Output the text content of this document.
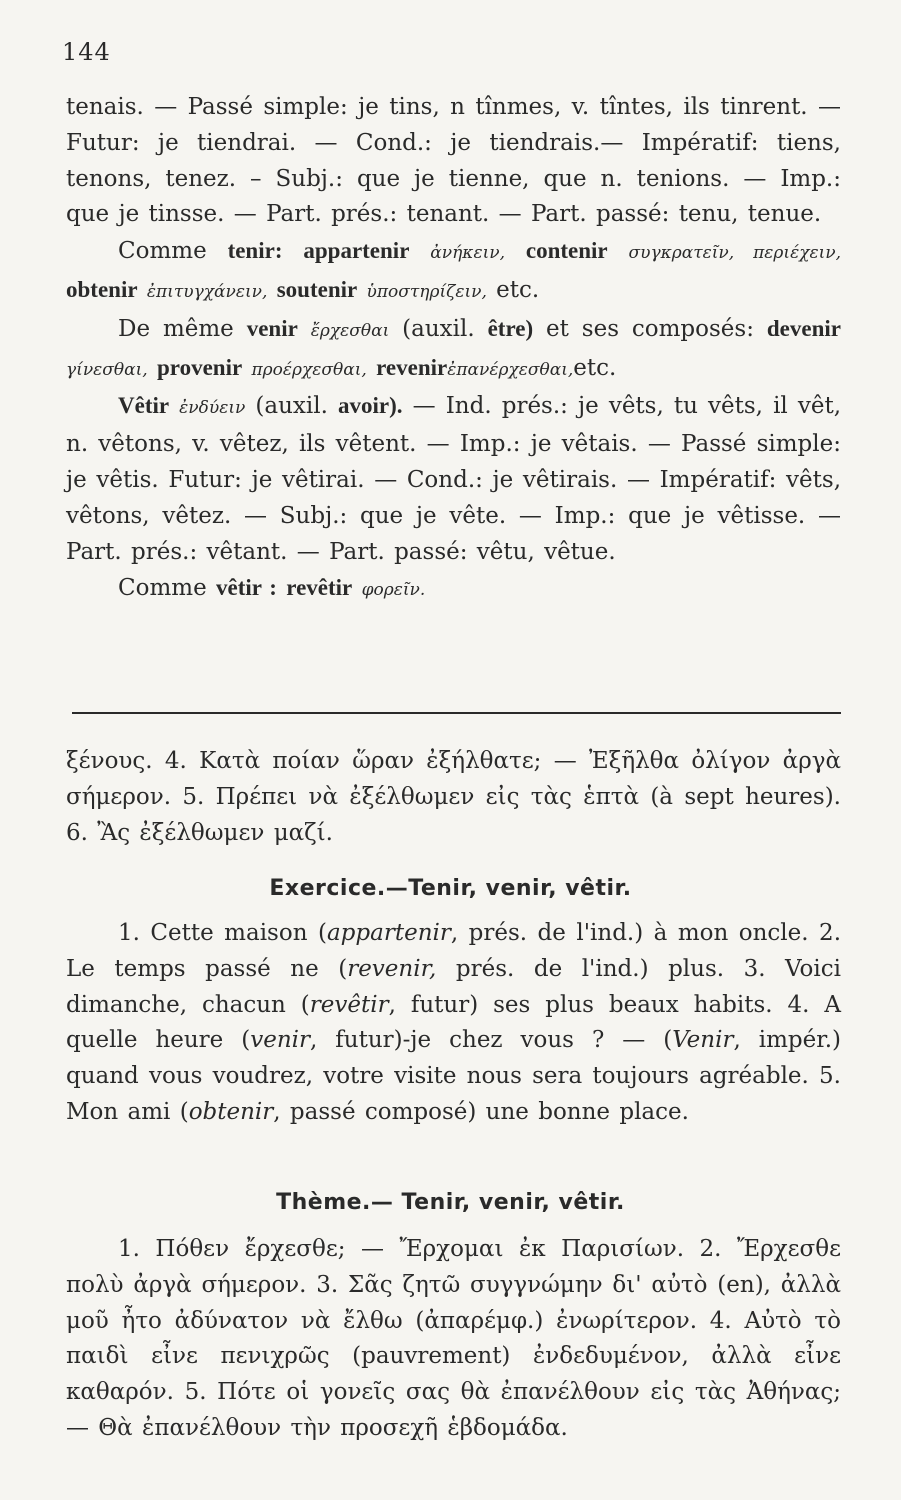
144
tenais. — Passé simple: je tins, n tînmes, v. tîntes, ils tinrent. — Futur: je tiendrai. — Cond.: je tiendrais.— Impératif: tiens, tenons, tenez. – Subj.: que je tienne, que n. tenions. — Imp.: que je tinsse. — Part. prés.: tenant. — Part. passé: tenu, tenue.
Comme tenir: appartenir ἀνήκειν, contenir συγκρατεῖν, περιέχειν, obtenir ἐπιτυγχάνειν, soutenir ὑποστηρίζειν, etc.
De même venir ἔρχεσθαι (auxil. être) et ses composés: devenir γίνεσθαι, provenir προέρχεσθαι, revenirἐπανέρχεσθαι,etc.
Vêtir ἐνδύειν (auxil. avoir). — Ind. prés.: je vêts, tu vêts, il vêt, n. vêtons, v. vêtez, ils vêtent. — Imp.: je vêtais. — Passé simple: je vêtis. Futur: je vêtirai. — Cond.: je vêtirais. — Impératif: vêts, vêtons, vêtez. — Subj.: que je vête. — Imp.: que je vêtisse. — Part. prés.: vêtant. — Part. passé: vêtu, vêtue.
Comme vêtir : revêtir φορεῖν.
ξένους. 4. Κατὰ ποίαν ὥραν ἐξήλθατε; — Ἐξῆλθα ὀλίγον ἀργὰ σήμερον. 5. Πρέπει νὰ ἐξέλθωμεν εἰς τὰς ἑπτὰ (à sept heures). 6. Ἂς ἐξέλθωμεν μαζί.
Exercice.—Tenir, venir, vêtir.
1. Cette maison (appartenir, prés. de l'ind.) à mon oncle. 2. Le temps passé ne (revenir, prés. de l'ind.) plus. 3. Voici dimanche, chacun (revêtir, futur) ses plus beaux habits. 4. A quelle heure (venir, futur)-je chez vous ? — (Venir, impér.) quand vous voudrez, votre visite nous sera toujours agréable. 5. Mon ami (obtenir, passé composé) une bonne place.
Thème.— Tenir, venir, vêtir.
1. Πόθεν ἔρχεσθε; — Ἔρχομαι ἐκ Παρισίων. 2. Ἔρχεσθε πολὺ ἀργὰ σήμερον. 3. Σᾶς ζητῶ συγγνώμην δι' αὐτὸ (en), ἀλλὰ μοῦ ἦτο ἀδύνατον νὰ ἔλθω (ἀπαρέμφ.) ἐνωρίτερον. 4. Αὐτὸ τὸ παιδὶ εἶνε πενιχρῶς (pauvrement) ἐνδεδυμένον, ἀλλὰ εἶνε καθαρόν. 5. Πότε οἱ γονεῖς σας θὰ ἐπανέλθουν εἰς τὰς Ἀθήνας; — Θὰ ἐπανέλθουν τὴν προσεχῆ ἑβδομάδα.
